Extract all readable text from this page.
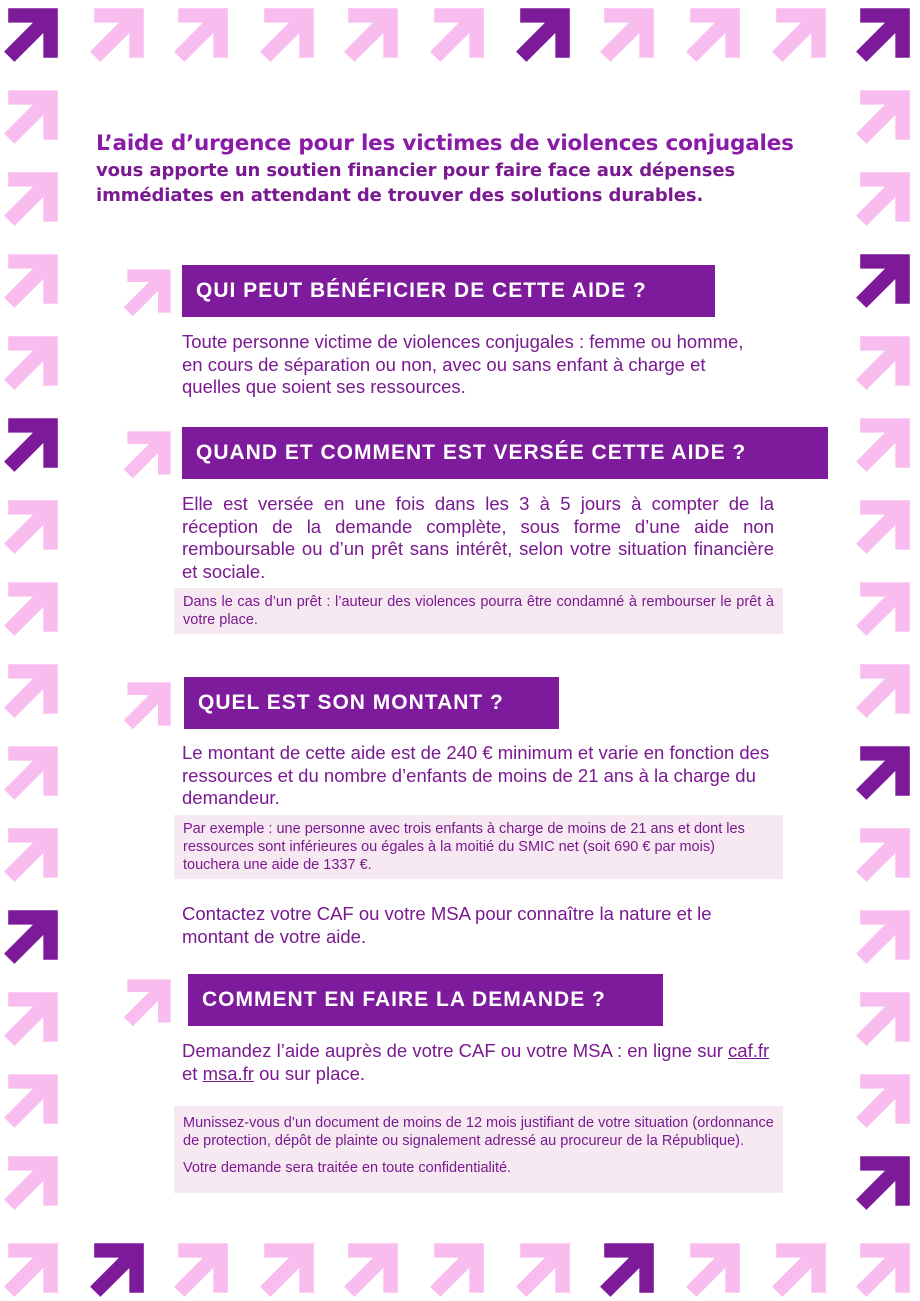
L’aide d’urgence pour les victimes de violences conjugales
vous apporte un soutien financier pour faire face aux dépenses
immédiates en attendant de trouver des solutions durables.
QUI PEUT BÉNÉFICIER DE CETTE AIDE ?
Toute personne victime de violences conjugales : femme ou homme, en cours de séparation ou non, avec ou sans enfant à charge et quelles que soient ses ressources.
QUAND ET COMMENT EST VERSÉE CETTE AIDE ?
Elle est versée en une fois dans les 3 à 5 jours à compter de la réception de la demande complète, sous forme d’une aide non remboursable ou d’un prêt sans intérêt, selon votre situation financière et sociale.
Dans le cas d’un prêt : l’auteur des violences pourra être condamné à rembourser le prêt à votre place.
QUEL EST SON MONTANT ?
Le montant de cette aide est de 240 € minimum et varie en fonction des ressources et du nombre d’enfants de moins de 21 ans à la charge du demandeur.
Par exemple : une personne avec trois enfants à charge de moins de 21 ans et dont les ressources sont inférieures ou égales à la moitié du SMIC net (soit 690 € par mois) touchera une aide de 1337 €.
Contactez votre CAF ou votre MSA pour connaître la nature et le montant de votre aide.
COMMENT EN FAIRE LA DEMANDE ?
Demandez l’aide auprès de votre CAF ou votre MSA : en ligne sur caf.fr et msa.fr ou sur place.

Munissez-vous d’un document de moins de 12 mois justifiant de votre situation (ordonnance de protection, dépôt de plainte ou signalement adressé au procureur de la République).

Votre demande sera traitée en toute confidentialité.
